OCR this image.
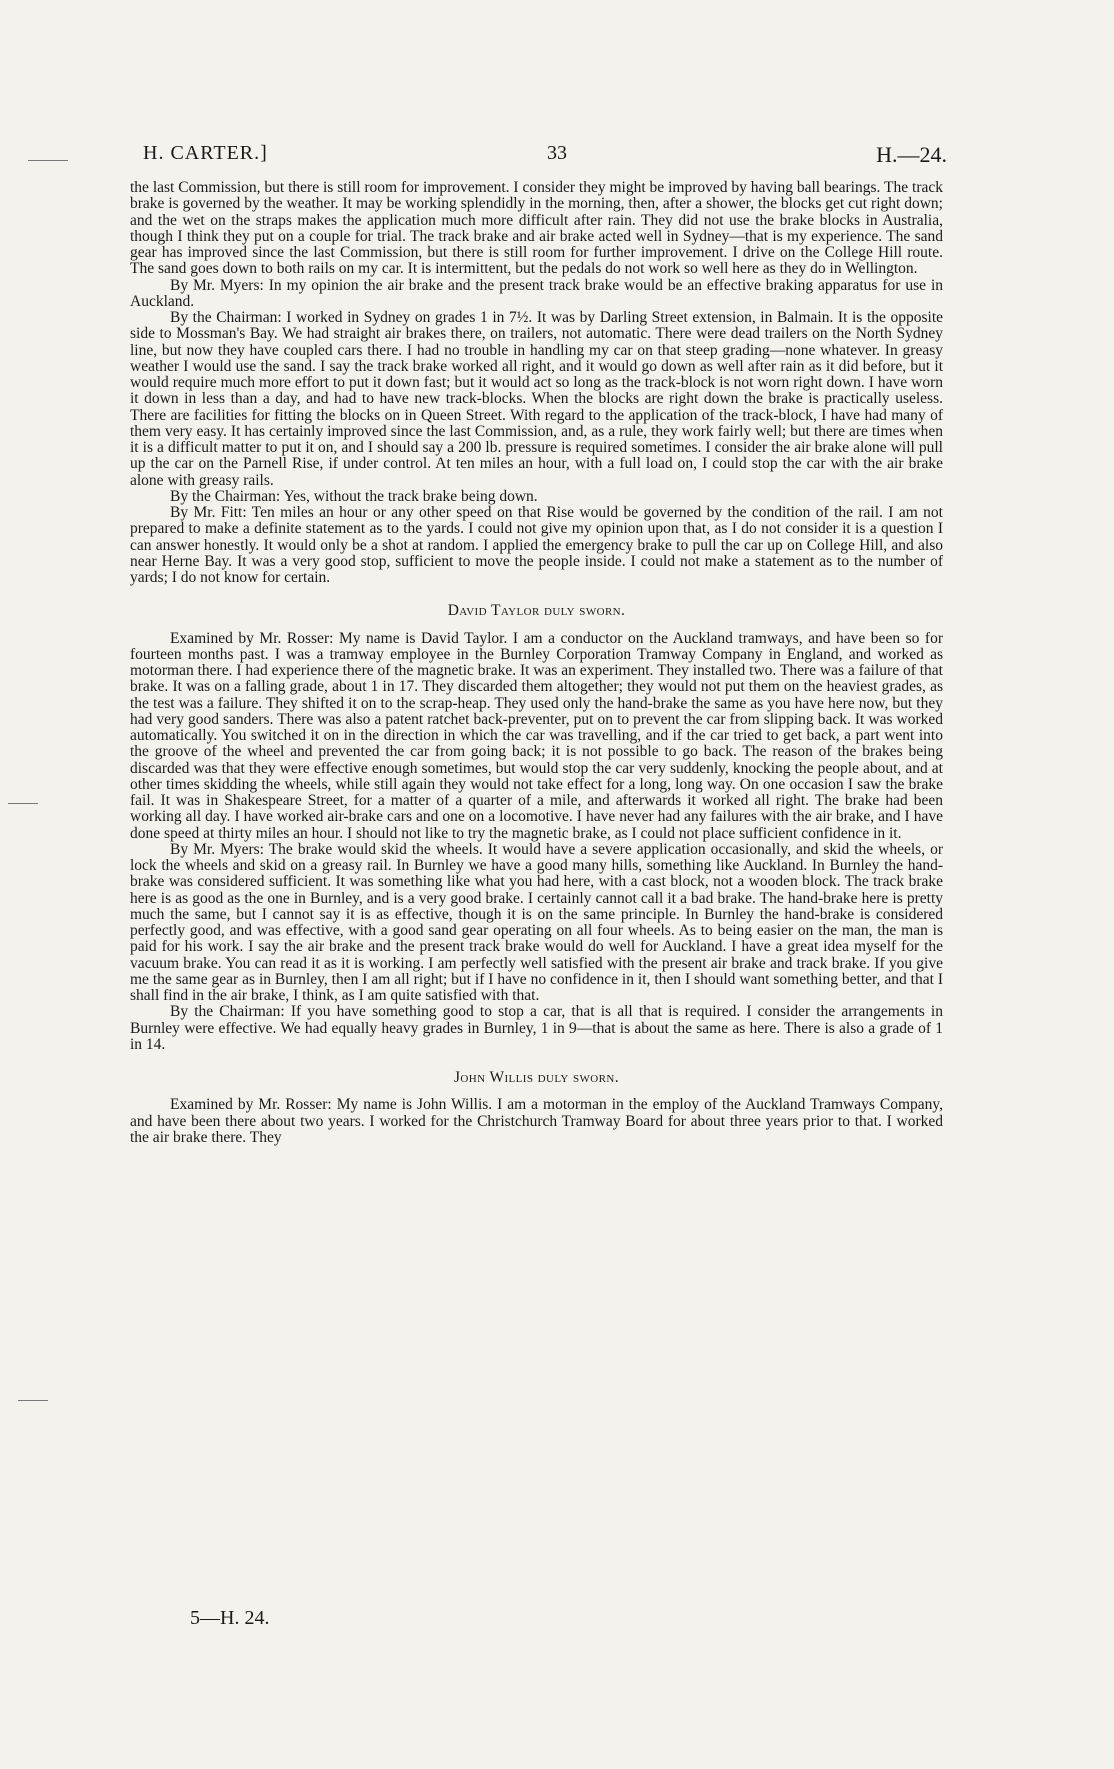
H. CARTER.]	33	H.—24.

the last Commission, but there is still room for improvement. I consider they might be improved by having ball bearings. The track brake is governed by the weather. It may be working splendidly in the morning, then, after a shower, the blocks get cut right down; and the wet on the straps makes the application much more difficult after rain. They did not use the brake blocks in Australia, though I think they put on a couple for trial. The track brake and air brake acted well in Sydney—that is my experience. The sand gear has improved since the last Commission, but there is still room for further improvement. I drive on the College Hill route. The sand goes down to both rails on my car. It is intermittent, but the pedals do not work so well here as they do in Wellington.

By Mr. Myers: In my opinion the air brake and the present track brake would be an effective braking apparatus for use in Auckland.

By the Chairman: I worked in Sydney on grades 1 in 7½. It was by Darling Street extension, in Balmain. It is the opposite side to Mossman's Bay. We had straight air brakes there, on trailers, not automatic. There were dead trailers on the North Sydney line, but now they have coupled cars there. I had no trouble in handling my car on that steep grading—none whatever. In greasy weather I would use the sand. I say the track brake worked all right, and it would go down as well after rain as it did before, but it would require much more effort to put it down fast; but it would act so long as the track-block is not worn right down. I have worn it down in less than a day, and had to have new track-blocks. When the blocks are right down the brake is practically useless. There are facilities for fitting the blocks on in Queen Street. With regard to the application of the track-block, I have had many of them very easy. It has certainly improved since the last Commission, and, as a rule, they work fairly well; but there are times when it is a difficult matter to put it on, and I should say a 200 lb. pressure is required sometimes. I consider the air brake alone will pull up the car on the Parnell Rise, if under control. At ten miles an hour, with a full load on, I could stop the car with the air brake alone with greasy rails.

By the Chairman: Yes, without the track brake being down.

By Mr. Fitt: Ten miles an hour or any other speed on that Rise would be governed by the condition of the rail. I am not prepared to make a definite statement as to the yards. I could not give my opinion upon that, as I do not consider it is a question I can answer honestly. It would only be a shot at random. I applied the emergency brake to pull the car up on College Hill, and also near Herne Bay. It was a very good stop, sufficient to move the people inside. I could not make a statement as to the number of yards; I do not know for certain.

David Taylor duly sworn.

Examined by Mr. Rosser: My name is David Taylor. I am a conductor on the Auckland tramways, and have been so for fourteen months past. I was a tramway employee in the Burnley Corporation Tramway Company in England, and worked as motorman there. I had experience there of the magnetic brake. It was an experiment. They installed two. There was a failure of that brake. It was on a falling grade, about 1 in 17. They discarded them altogether; they would not put them on the heaviest grades, as the test was a failure. They shifted it on to the scrap-heap. They used only the hand-brake the same as you have here now, but they had very good sanders. There was also a patent ratchet back-preventer, put on to prevent the car from slipping back. It was worked automatically. You switched it on in the direction in which the car was travelling, and if the car tried to get back, a part went into the groove of the wheel and prevented the car from going back; it is not possible to go back. The reason of the brakes being discarded was that they were effective enough sometimes, but would stop the car very suddenly, knocking the people about, and at other times skidding the wheels, while still again they would not take effect for a long, long way. On one occasion I saw the brake fail. It was in Shakespeare Street, for a matter of a quarter of a mile, and afterwards it worked all right. The brake had been working all day. I have worked air-brake cars and one on a locomotive. I have never had any failures with the air brake, and I have done speed at thirty miles an hour. I should not like to try the magnetic brake, as I could not place sufficient confidence in it.

By Mr. Myers: The brake would skid the wheels. It would have a severe application occasionally, and skid the wheels, or lock the wheels and skid on a greasy rail. In Burnley we have a good many hills, something like Auckland. In Burnley the hand-brake was considered sufficient. It was something like what you had here, with a cast block, not a wooden block. The track brake here is as good as the one in Burnley, and is a very good brake. I certainly cannot call it a bad brake. The hand-brake here is pretty much the same, but I cannot say it is as effective, though it is on the same principle. In Burnley the hand-brake is considered perfectly good, and was effective, with a good sand gear operating on all four wheels. As to being easier on the man, the man is paid for his work. I say the air brake and the present track brake would do well for Auckland. I have a great idea myself for the vacuum brake. You can read it as it is working. I am perfectly well satisfied with the present air brake and track brake. If you give me the same gear as in Burnley, then I am all right; but if I have no confidence in it, then I should want something better, and that I shall find in the air brake, I think, as I am quite satisfied with that.

By the Chairman: If you have something good to stop a car, that is all that is required. I consider the arrangements in Burnley were effective. We had equally heavy grades in Burnley, 1 in 9—that is about the same as here. There is also a grade of 1 in 14.

John Willis duly sworn.

Examined by Mr. Rosser: My name is John Willis. I am a motorman in the employ of the Auckland Tramways Company, and have been there about two years. I worked for the Christchurch Tramway Board for about three years prior to that. I worked the air brake there. They

5—H. 24.
